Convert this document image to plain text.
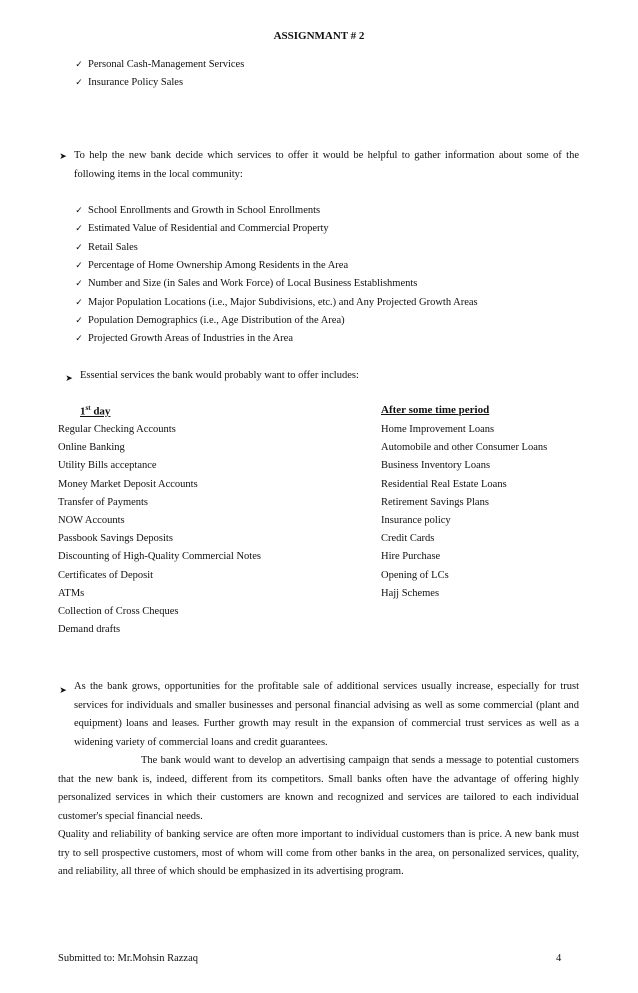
ASSIGNMANT # 2
✓ Personal Cash-Management Services
✓ Insurance Policy Sales
➤ To help the new bank decide which services to offer it would be helpful to gather information about some of the following items in the local community:
✓ School Enrollments and Growth in School Enrollments
✓ Estimated Value of Residential and Commercial Property
✓ Retail Sales
✓ Percentage of Home Ownership Among Residents in the Area
✓ Number and Size (in Sales and Work Force) of Local Business Establishments
✓ Major Population Locations (i.e., Major Subdivisions, etc.) and Any Projected Growth Areas
✓ Population Demographics (i.e., Age Distribution of the Area)
✓ Projected Growth Areas of Industries in the Area
➤ Essential services the bank would probably want to offer includes:
1st day	After some time period
Regular Checking Accounts
Online Banking
Utility Bills acceptance
Money Market Deposit Accounts
Transfer of Payments
NOW Accounts
Passbook Savings Deposits
Discounting of High-Quality Commercial Notes
Certificates of Deposit
ATMs
Collection of Cross Cheques
Demand drafts
Home Improvement Loans
Automobile and other Consumer Loans
Business Inventory Loans
Residential Real Estate Loans
Retirement Savings Plans
Insurance policy
Credit Cards
Hire Purchase
Opening of LCs
Hajj Schemes
➤ As the bank grows, opportunities for the profitable sale of additional services usually increase, especially for trust services for individuals and smaller businesses and personal financial advising as well as some commercial (plant and equipment) loans and leases. Further growth may result in the expansion of commercial trust services as well as a widening variety of commercial loans and credit guarantees.
The bank would want to develop an advertising campaign that sends a message to potential customers that the new bank is, indeed, different from its competitors. Small banks often have the advantage of offering highly personalized services in which their customers are known and recognized and services are tailored to each individual customer's special financial needs.
Quality and reliability of banking service are often more important to individual customers than is price. A new bank must try to sell prospective customers, most of whom will come from other banks in the area, on personalized services, quality, and reliability, all three of which should be emphasized in its advertising program.
Submitted to: Mr.Mohsin Razzaq	4
